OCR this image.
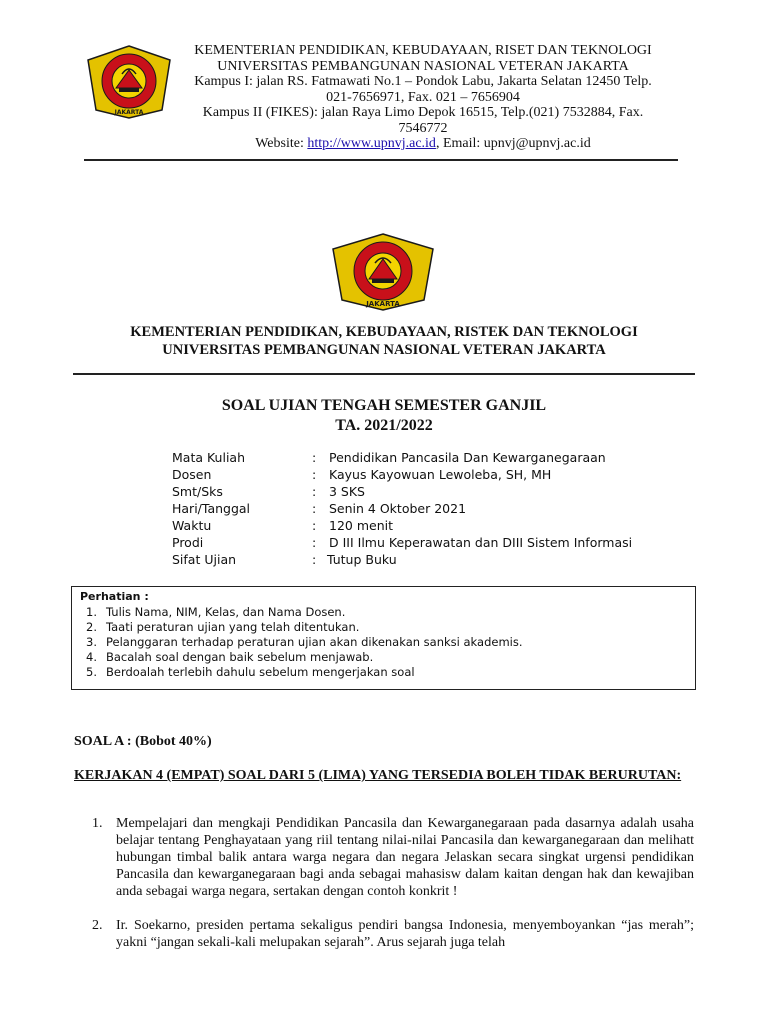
JAKARTA
KEMENTERIAN PENDIDIKAN, KEBUDAYAAN, RISET DAN TEKNOLOGI
UNIVERSITAS PEMBANGUNAN NASIONAL VETERAN JAKARTA
Kampus I: jalan RS. Fatmawati No.1 – Pondok Labu, Jakarta Selatan 12450 Telp.
021-7656971, Fax. 021 – 7656904
Kampus II (FIKES): jalan Raya Limo Depok 16515, Telp.(021) 7532884, Fax.
7546772
Website: http://www.upnvj.ac.id, Email: upnvj@upnvj.ac.id
JAKARTA
KEMENTERIAN PENDIDIKAN, KEBUDAYAAN, RISTEK DAN TEKNOLOGI
UNIVERSITAS PEMBANGUNAN NASIONAL VETERAN JAKARTA
SOAL UJIAN TENGAH SEMESTER GANJIL
TA. 2021/2022
Mata Kuliah	: Pendidikan Pancasila Dan Kewarganegaraan
Dosen	: Kayus Kayowuan Lewoleba, SH, MH
Smt/Sks	: 3 SKS
Hari/Tanggal	: Senin 4 Oktober 2021
Waktu	: 120 menit
Prodi	: D III Ilmu Keperawatan dan DIII Sistem Informasi
Sifat Ujian	: Tutup Buku
Perhatian :
1. Tulis Nama, NIM, Kelas, dan Nama Dosen.
2. Taati peraturan ujian yang telah ditentukan.
3. Pelanggaran terhadap peraturan ujian akan dikenakan sanksi akademis.
4. Bacalah soal dengan baik sebelum menjawab.
5. Berdoalah terlebih dahulu sebelum mengerjakan soal
SOAL A : (Bobot 40%)
KERJAKAN 4 (EMPAT) SOAL DARI 5 (LIMA) YANG TERSEDIA BOLEH TIDAK BERURUTAN:
1. Mempelajari dan mengkaji Pendidikan Pancasila dan Kewarganegaraan pada dasarnya adalah usaha belajar tentang Penghayataan yang riil tentang nilai-nilai Pancasila dan kewarganegaraan dan melihatt hubungan timbal balik antara warga negara dan negara Jelaskan secara singkat urgensi pendidikan Pancasila dan kewarganegaraan bagi anda sebagai mahasisw dalam kaitan dengan hak dan kewajiban anda sebagai warga negara, sertakan dengan contoh konkrit !
2. Ir. Soekarno, presiden pertama sekaligus pendiri bangsa Indonesia, menyemboyankan “jas merah”; yakni “jangan sekali-kali melupakan sejarah”. Arus sejarah juga telah
